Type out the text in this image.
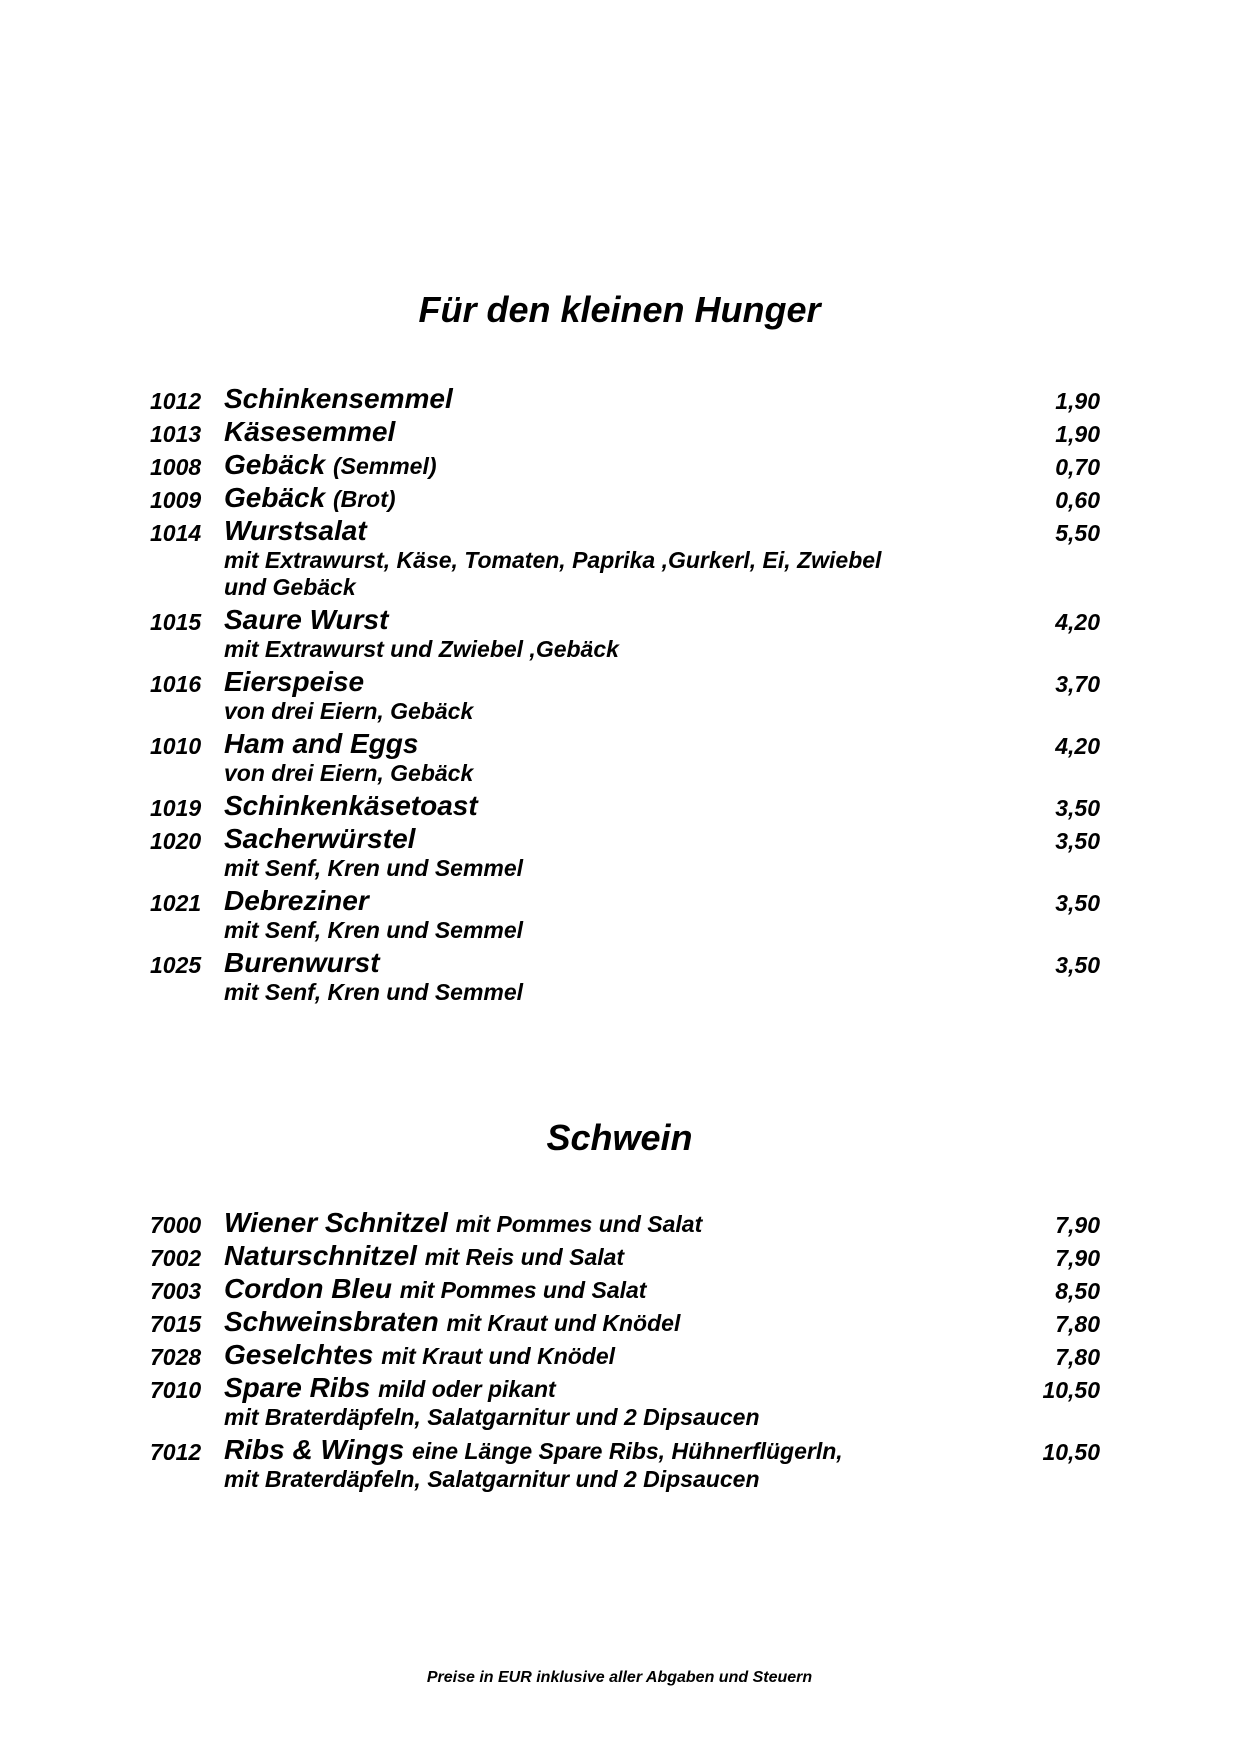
Für den kleinen Hunger
1012 Schinkensemmel	1,90
1013 Käsesemmel	1,90
1008 Gebäck (Semmel)	0,70
1009 Gebäck (Brot)	0,60
1014 Wurstsalat	5,50
mit Extrawurst, Käse, Tomaten, Paprika ,Gurkerl, Ei, Zwiebel und Gebäck
1015 Saure Wurst	4,20
mit Extrawurst und Zwiebel ,Gebäck
1016 Eierspeise	3,70
von drei Eiern, Gebäck
1010 Ham and Eggs	4,20
von drei Eiern, Gebäck
1019 Schinkenkäsetoast	3,50
1020 Sacherwürstel	3,50
mit Senf, Kren und Semmel
1021 Debreziner	3,50
mit Senf, Kren und Semmel
1025 Burenwurst	3,50
mit Senf, Kren und Semmel
Schwein
7000 Wiener Schnitzel mit Pommes und Salat	7,90
7002 Naturschnitzel mit Reis und Salat	7,90
7003 Cordon Bleu mit Pommes und Salat	8,50
7015 Schweinsbraten mit Kraut und Knödel	7,80
7028 Geselchtes mit Kraut und Knödel	7,80
7010 Spare Ribs mild oder pikant	10,50
mit Braterdäpfeln, Salatgarnitur und 2 Dipsaucen
7012 Ribs & Wings eine Länge Spare Ribs, Hühnerflügerln,	10,50
mit Braterdäpfeln, Salatgarnitur und 2 Dipsaucen
Preise in EUR inklusive aller Abgaben und Steuern
